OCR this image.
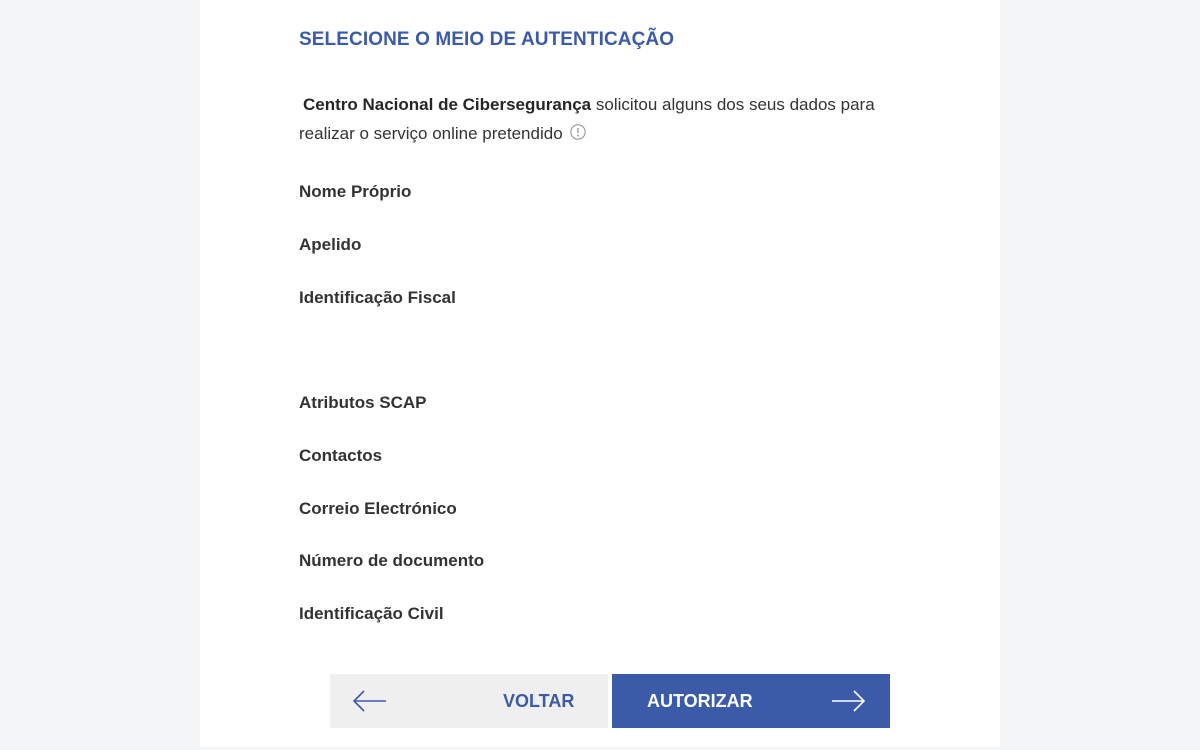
SELECIONE O MEIO DE AUTENTICAÇÃO

Centro Nacional de Cibersegurança solicitou alguns dos seus dados para realizar o serviço online pretendido

Nome Próprio

Apelido

Identificação Fiscal

Atributos SCAP

Contactos

Correio Electrónico

Número de documento

Identificação Civil

VOLTAR	AUTORIZAR
